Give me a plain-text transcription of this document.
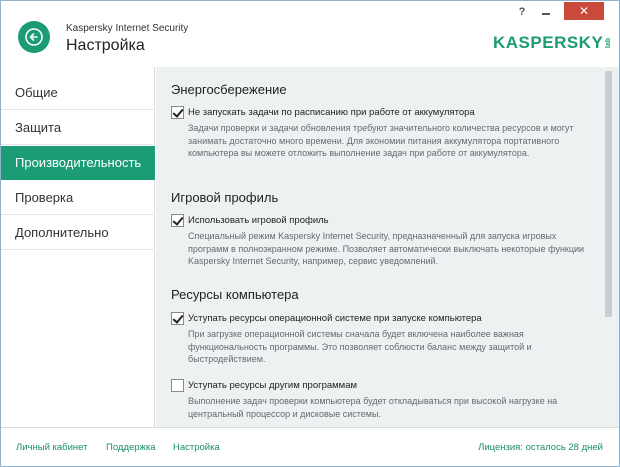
Kaspersky Internet Security
Настройка
?	✕
KASPERSKY lab
Общие
Защита
Производительность
Проверка
Дополнительно
Энергосбережение
Не запускать задачи по расписанию при работе от аккумулятора
Задачи проверки и задачи обновления требуют значительного количества ресурсов и могут занимать достаточно много времени. Для экономии питания аккумулятора портативного компьютера вы можете отложить выполнение задач при работе от аккумулятора.
Игровой профиль
Использовать игровой профиль
Специальный режим Kaspersky Internet Security, предназначенный для запуска игровых программ в полноэкранном режиме. Позволяет автоматически выключать некоторые функции Kaspersky Internet Security, например, сервис уведомлений.
Ресурсы компьютера
Уступать ресурсы операционной системе при запуске компьютера
При загрузке операционной системы сначала будет включена наиболее важная функциональность программы. Это позволяет соблюсти баланс между защитой и быстродействием.
Уступать ресурсы другим программам
Выполнение задач проверки компьютера будет откладываться при высокой нагрузке на центральный процессор и дисковые системы.
Личный кабинет Поддержка Настройка	Лицензия: осталось 28 дней
